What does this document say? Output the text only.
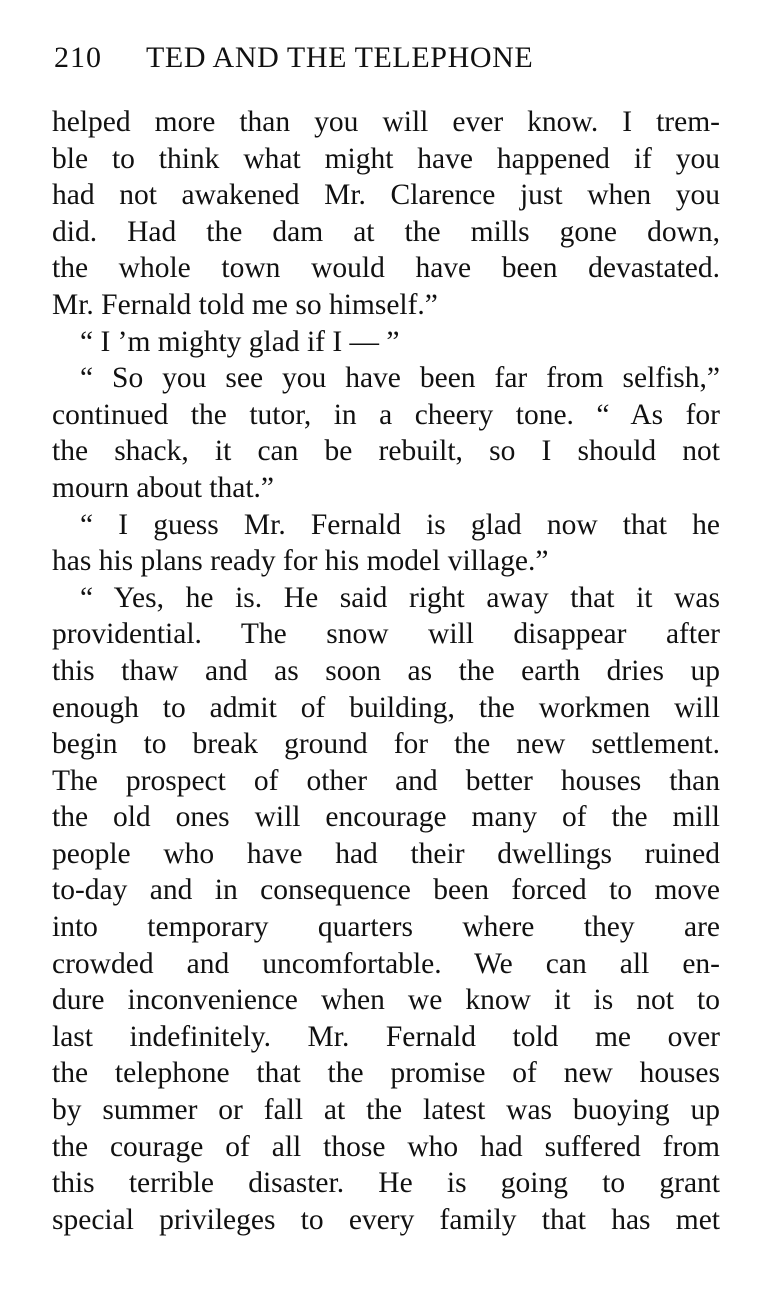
210 TED AND THE TELEPHONE
helped more than you will ever know. I trem-
ble to think what might have happened if you
had not awakened Mr. Clarence just when you
did. Had the dam at the mills gone down,
the whole town would have been devastated.
Mr. Fernald told me so himself.”
“ I ’m mighty glad if I — ”
“ So you see you have been far from selfish,”
continued the tutor, in a cheery tone. “ As for
the shack, it can be rebuilt, so I should not
mourn about that.”
“ I guess Mr. Fernald is glad now that he
has his plans ready for his model village.”
“ Yes, he is. He said right away that it was
providential. The snow will disappear after
this thaw and as soon as the earth dries up
enough to admit of building, the workmen will
begin to break ground for the new settlement.
The prospect of other and better houses than
the old ones will encourage many of the mill
people who have had their dwellings ruined
to-day and in consequence been forced to move
into temporary quarters where they are
crowded and uncomfortable. We can all en-
dure inconvenience when we know it is not to
last indefinitely. Mr. Fernald told me over
the telephone that the promise of new houses
by summer or fall at the latest was buoying up
the courage of all those who had suffered from
this terrible disaster. He is going to grant
special privileges to every family that has met
